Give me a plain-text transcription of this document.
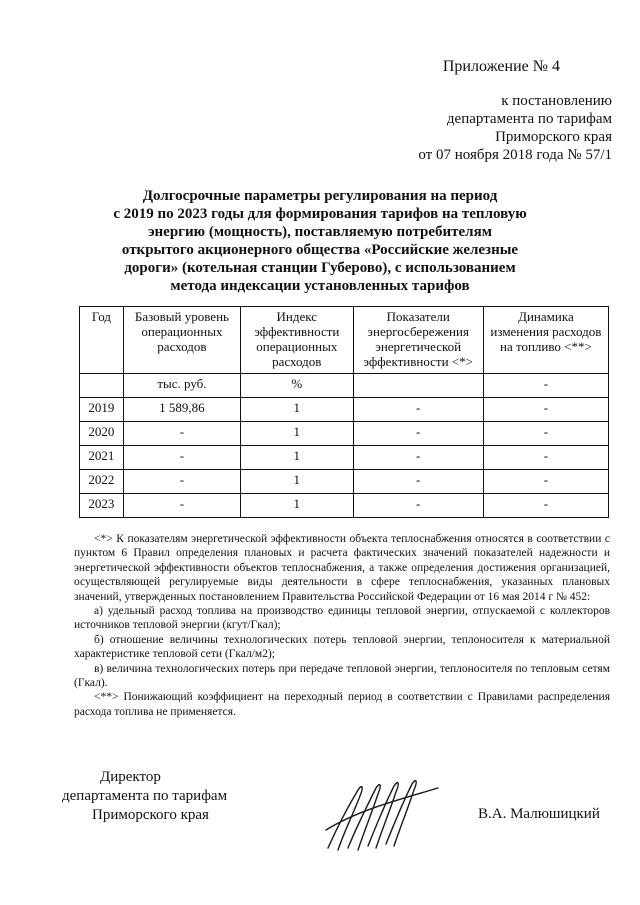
Приложение № 4
к постановлению
департамента по тарифам
Приморского края
от 07 ноября 2018 года № 57/1
Долгосрочные параметры регулирования на период
с 2019 по 2023 годы для формирования тарифов на тепловую
энергию (мощность), поставляемую потребителям
открытого акционерного общества «Российские железные
дороги» (котельная станции Губерово), с использованием
метода индексации установленных тарифов
Год	Базовый уровень операционных расходов	Индекс эффективности операционных расходов	Показатели энергосбережения энергетической эффективности <*>	Динамика изменения расходов на топливо <**>
	тыс. руб.	%		-
2019	1 589,86	1	-	-
2020	-	1	-	-
2021	-	1	-	-
2022	-	1	-	-
2023	-	1	-	-

<*> К показателям энергетической эффективности объекта теплоснабжения относятся в соответствии с пунктом 6 Правил определения плановых и расчета фактических значений показателей надежности и энергетической эффективности объектов теплоснабжения, а также определения достижения организацией, осуществляющей регулируемые виды деятельности в сфере теплоснабжения, указанных плановых значений, утвержденных постановлением Правительства Российской Федерации от 16 мая 2014 г № 452:

а) удельный расход топлива на производство единицы тепловой энергии, отпускаемой с коллекторов источников тепловой энергии (кгут/Гкал);

б) отношение величины технологических потерь тепловой энергии, теплоносителя к материальной характеристике тепловой сети (Гкал/м2);

в) величина технологических потерь при передаче тепловой энергии, теплоносителя по тепловым сетям (Гкал).

<**> Понижающий коэффициент на переходный период в соответствии с Правилами распределения расхода топлива не применяется.

Директор
департамента по тарифам
Приморского края	В.А. Малюшицкий
